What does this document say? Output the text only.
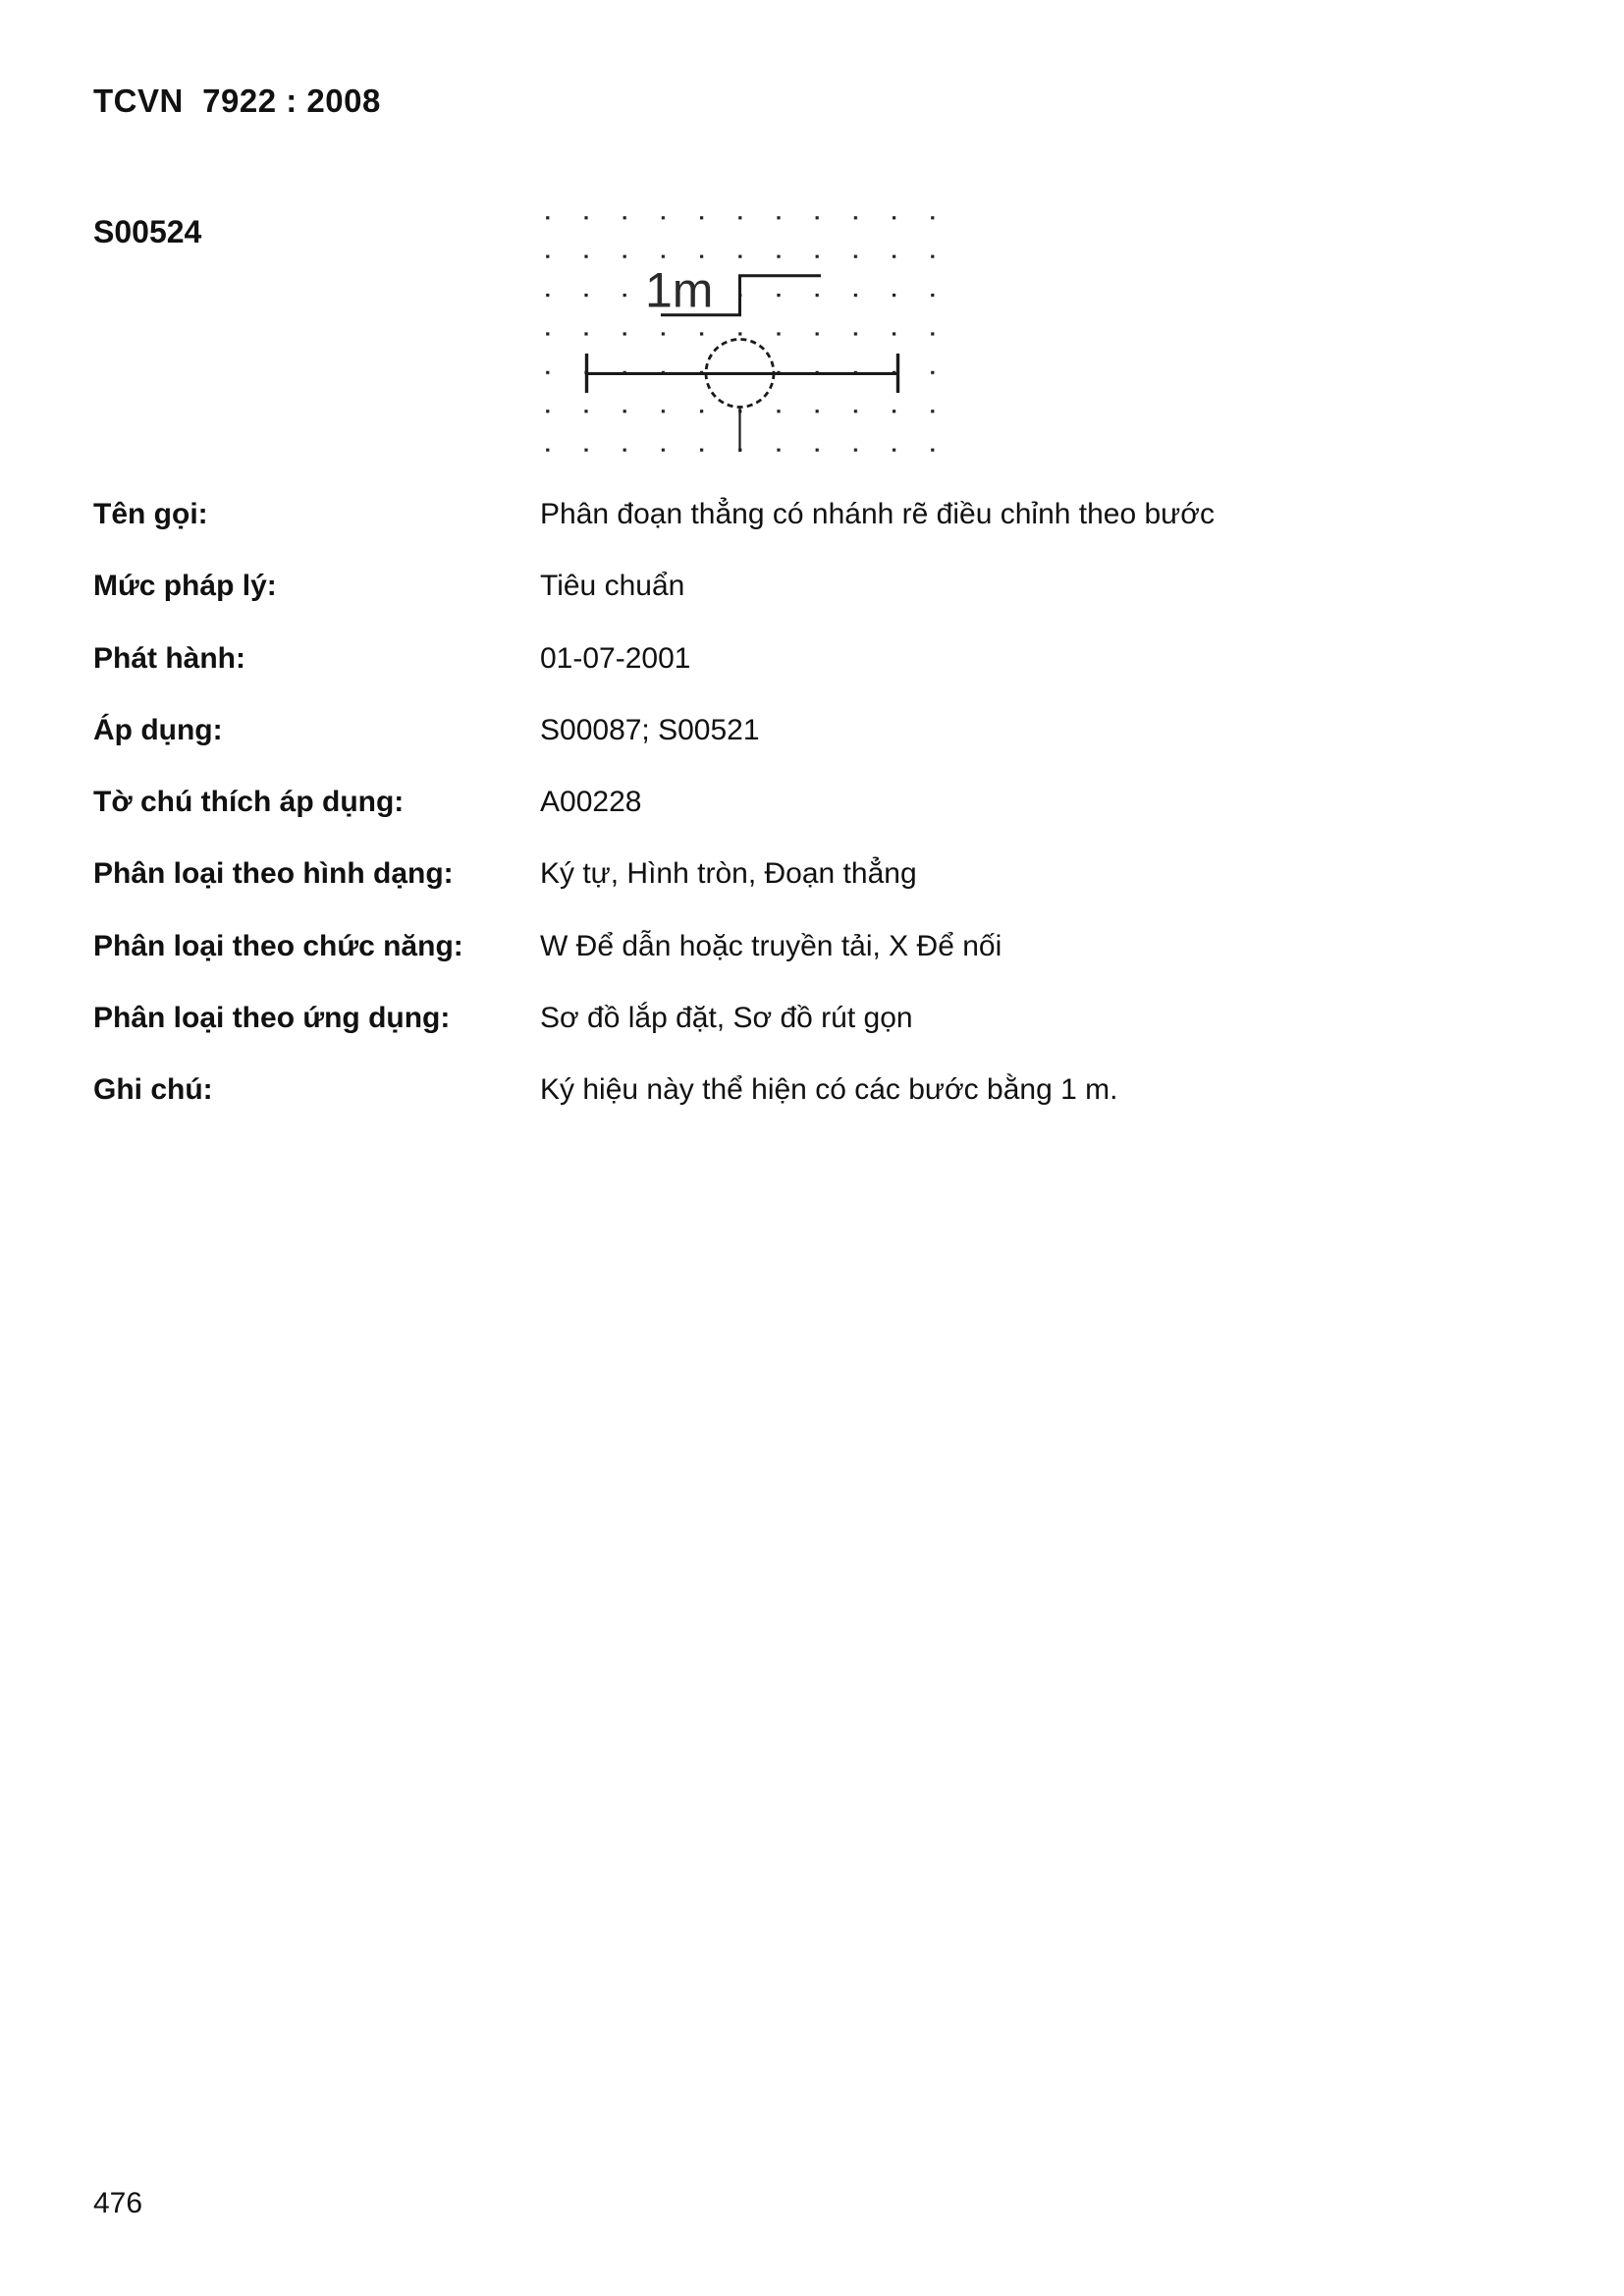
TCVN  7922 : 2008
S00524
1m
Tên gọi:	Phân đoạn thẳng có nhánh rẽ điều chỉnh theo bước
Mức pháp lý:	Tiêu chuẩn
Phát hành:	01-07-2001
Áp dụng:	S00087; S00521
Tờ chú thích áp dụng:	A00228
Phân loại theo hình dạng:	Ký tự, Hình tròn, Đoạn thẳng
Phân loại theo chức năng:	W Để dẫn hoặc truyền tải, X Để nối
Phân loại theo ứng dụng:	Sơ đồ lắp đặt, Sơ đồ rút gọn
Ghi chú:	Ký hiệu này thể hiện có các bước bằng 1 m.
476
